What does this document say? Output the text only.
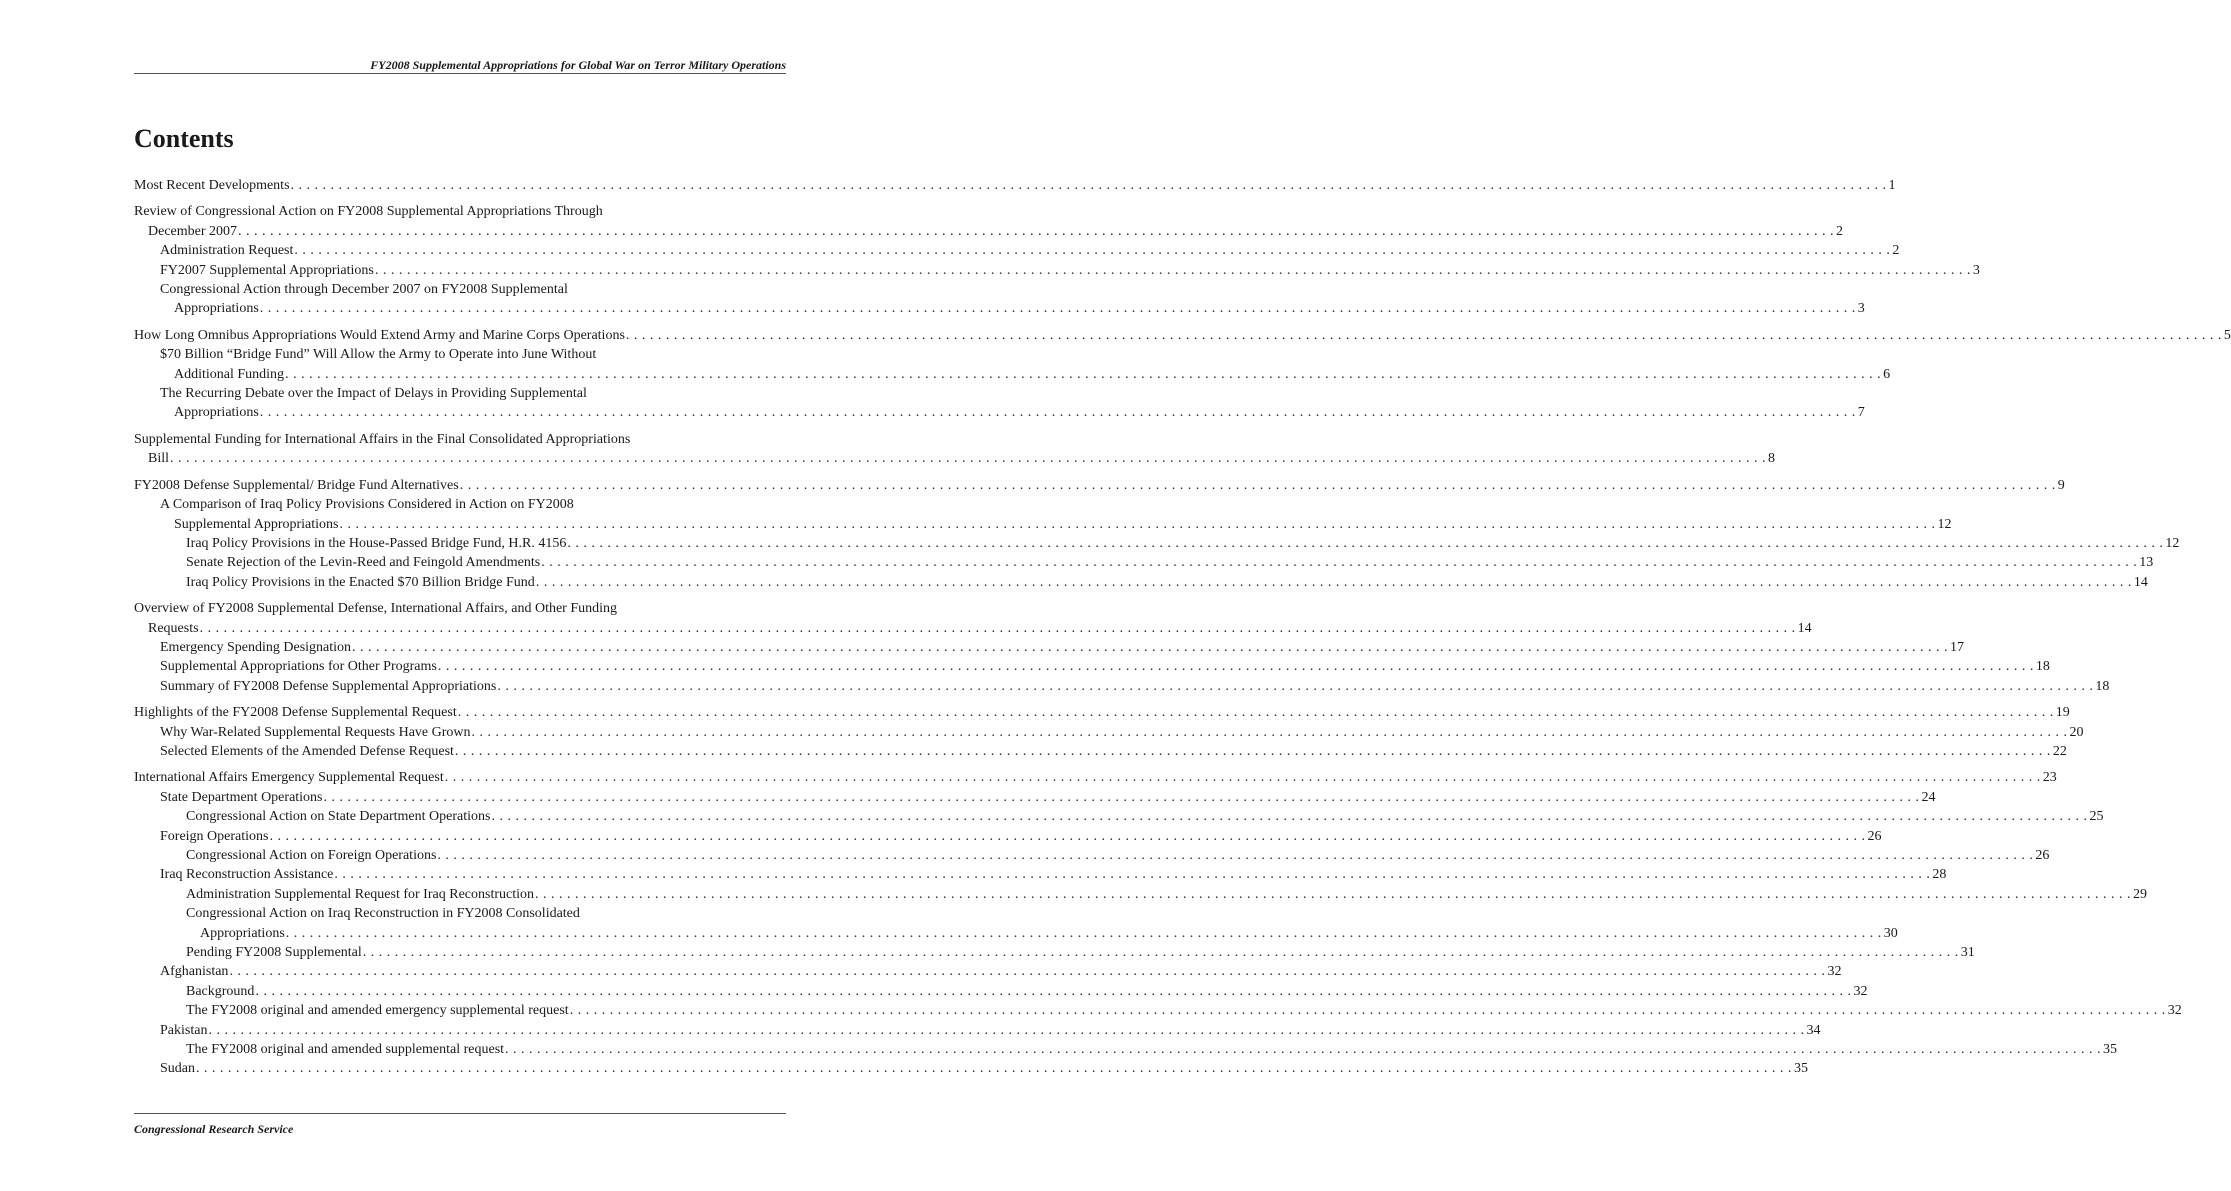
FY2008 Supplemental Appropriations for Global War on Terror Military Operations
Contents
Most Recent Developments . . . . . . . . . . . . . . . . . . . . . . . . . . . . . . . . . . . . . . . . . . . . . . . . . . . . . . . . . . . . . . . . . . . . . . . . . . . . . . . . . . . . . . . . . . . . . . . . . . . . . . . . . . . . . . . . . . . . . . . . . . . . . . . . . . . . . . . . . . . . . . . . . . . . . . . . . . . . . . . . . . . . . . . . . . . . . . . . . . . . . . . . . . . . . . . . . . . . . . . . 1
Review of Congressional Action on FY2008 Supplemental Appropriations Through
December 2007 . . . . . . . . . . . . . . . . . . . . . . . . . . . . . . . . . . . . . . . . . . . . . . . . . . . . . . . . . . . . . . . . . . . . . . . . . . . . . . . . . . . . . . . . . . . . . . . . . . . . . . . . . . . . . . . . . . . . . . . . . . . . . . . . . . . . . . . . . . . . . . . . . . . . . . . . . . . . . . . . . . . . . . . . . . . . . . . . . . . . . . . . . . . . . . . . . . . . . . . . 2
Administration Request . . . . . . . . . . . . . . . . . . . . . . . . . . . . . . . . . . . . . . . . . . . . . . . . . . . . . . . . . . . . . . . . . . . . . . . . . . . . . . . . . . . . . . . . . . . . . . . . . . . . . . . . . . . . . . . . . . . . . . . . . . . . . . . . . . . . . . . . . . . . . . . . . . . . . . . . . . . . . . . . . . . . . . . . . . . . . . . . . . . . . . . . . . . . . . . . . . . . . . . . 2
FY2007 Supplemental Appropriations . . . . . . . . . . . . . . . . . . . . . . . . . . . . . . . . . . . . . . . . . . . . . . . . . . . . . . . . . . . . . . . . . . . . . . . . . . . . . . . . . . . . . . . . . . . . . . . . . . . . . . . . . . . . . . . . . . . . . . . . . . . . . . . . . . . . . . . . . . . . . . . . . . . . . . . . . . . . . . . . . . . . . . . . . . . . . . . . . . . . . . . . . . . . . . . . . . . . . . . . 3
Congressional Action through December 2007 on FY2008 Supplemental
Appropriations . . . . . . . . . . . . . . . . . . . . . . . . . . . . . . . . . . . . . . . . . . . . . . . . . . . . . . . . . . . . . . . . . . . . . . . . . . . . . . . . . . . . . . . . . . . . . . . . . . . . . . . . . . . . . . . . . . . . . . . . . . . . . . . . . . . . . . . . . . . . . . . . . . . . . . . . . . . . . . . . . . . . . . . . . . . . . . . . . . . . . . . . . . . . . . . . . . . . . . . . 3
How Long Omnibus Appropriations Would Extend Army and Marine Corps Operations . . . . . . . . . . . . . . . . . . . . . . . . . . . . . . . . . . . . . . . . . . . . . . . . . . . . . . . . . . . . . . . . . . . . . . . . . . . . . . . . . . . . . . . . . . . . . . . . . . . . . . . . . . . . . . . . . . . . . . . . . . . . . . . . . . . . . . . . . . . . . . . . . . . . . . . . . . . . . . . . . . . . . . . . . . . . . . . . . . . . . . . . . . . . . . . . . . . . . . . . 5
$70 Billion “Bridge Fund” Will Allow the Army to Operate into June Without
Additional Funding . . . . . . . . . . . . . . . . . . . . . . . . . . . . . . . . . . . . . . . . . . . . . . . . . . . . . . . . . . . . . . . . . . . . . . . . . . . . . . . . . . . . . . . . . . . . . . . . . . . . . . . . . . . . . . . . . . . . . . . . . . . . . . . . . . . . . . . . . . . . . . . . . . . . . . . . . . . . . . . . . . . . . . . . . . . . . . . . . . . . . . . . . . . . . . . . . . . . . . . . 6
The Recurring Debate over the Impact of Delays in Providing Supplemental
Appropriations . . . . . . . . . . . . . . . . . . . . . . . . . . . . . . . . . . . . . . . . . . . . . . . . . . . . . . . . . . . . . . . . . . . . . . . . . . . . . . . . . . . . . . . . . . . . . . . . . . . . . . . . . . . . . . . . . . . . . . . . . . . . . . . . . . . . . . . . . . . . . . . . . . . . . . . . . . . . . . . . . . . . . . . . . . . . . . . . . . . . . . . . . . . . . . . . . . . . . . . . 7
Supplemental Funding for International Affairs in the Final Consolidated Appropriations
Bill . . . . . . . . . . . . . . . . . . . . . . . . . . . . . . . . . . . . . . . . . . . . . . . . . . . . . . . . . . . . . . . . . . . . . . . . . . . . . . . . . . . . . . . . . . . . . . . . . . . . . . . . . . . . . . . . . . . . . . . . . . . . . . . . . . . . . . . . . . . . . . . . . . . . . . . . . . . . . . . . . . . . . . . . . . . . . . . . . . . . . . . . . . . . . . . . . . . . . . . . 8
FY2008 Defense Supplemental/ Bridge Fund Alternatives . . . . . . . . . . . . . . . . . . . . . . . . . . . . . . . . . . . . . . . . . . . . . . . . . . . . . . . . . . . . . . . . . . . . . . . . . . . . . . . . . . . . . . . . . . . . . . . . . . . . . . . . . . . . . . . . . . . . . . . . . . . . . . . . . . . . . . . . . . . . . . . . . . . . . . . . . . . . . . . . . . . . . . . . . . . . . . . . . . . . . . . . . . . . . . . . . . . . . . . . 9
A Comparison of Iraq Policy Provisions Considered in Action on FY2008
Supplemental Appropriations . . . . . . . . . . . . . . . . . . . . . . . . . . . . . . . . . . . . . . . . . . . . . . . . . . . . . . . . . . . . . . . . . . . . . . . . . . . . . . . . . . . . . . . . . . . . . . . . . . . . . . . . . . . . . . . . . . . . . . . . . . . . . . . . . . . . . . . . . . . . . . . . . . . . . . . . . . . . . . . . . . . . . . . . . . . . . . . . . . . . . . . . . . . . . . . . . . . . . . . . 12
Iraq Policy Provisions in the House-Passed Bridge Fund, H.R. 4156 . . . . . . . . . . . . . . . . . . . . . . . . . . . . . . . . . . . . . . . . . . . . . . . . . . . . . . . . . . . . . . . . . . . . . . . . . . . . . . . . . . . . . . . . . . . . . . . . . . . . . . . . . . . . . . . . . . . . . . . . . . . . . . . . . . . . . . . . . . . . . . . . . . . . . . . . . . . . . . . . . . . . . . . . . . . . . . . . . . . . . . . . . . . . . . . . . . . . . . . . 12
Senate Rejection of the Levin-Reed and Feingold Amendments . . . . . . . . . . . . . . . . . . . . . . . . . . . . . . . . . . . . . . . . . . . . . . . . . . . . . . . . . . . . . . . . . . . . . . . . . . . . . . . . . . . . . . . . . . . . . . . . . . . . . . . . . . . . . . . . . . . . . . . . . . . . . . . . . . . . . . . . . . . . . . . . . . . . . . . . . . . . . . . . . . . . . . . . . . . . . . . . . . . . . . . . . . . . . . . . . . . . . . . . 13
Iraq Policy Provisions in the Enacted $70 Billion Bridge Fund . . . . . . . . . . . . . . . . . . . . . . . . . . . . . . . . . . . . . . . . . . . . . . . . . . . . . . . . . . . . . . . . . . . . . . . . . . . . . . . . . . . . . . . . . . . . . . . . . . . . . . . . . . . . . . . . . . . . . . . . . . . . . . . . . . . . . . . . . . . . . . . . . . . . . . . . . . . . . . . . . . . . . . . . . . . . . . . . . . . . . . . . . . . . . . . . . . . . . . . . 14
Overview of FY2008 Supplemental Defense, International Affairs, and Other Funding
Requests . . . . . . . . . . . . . . . . . . . . . . . . . . . . . . . . . . . . . . . . . . . . . . . . . . . . . . . . . . . . . . . . . . . . . . . . . . . . . . . . . . . . . . . . . . . . . . . . . . . . . . . . . . . . . . . . . . . . . . . . . . . . . . . . . . . . . . . . . . . . . . . . . . . . . . . . . . . . . . . . . . . . . . . . . . . . . . . . . . . . . . . . . . . . . . . . . . . . . . . . 14
Emergency Spending Designation . . . . . . . . . . . . . . . . . . . . . . . . . . . . . . . . . . . . . . . . . . . . . . . . . . . . . . . . . . . . . . . . . . . . . . . . . . . . . . . . . . . . . . . . . . . . . . . . . . . . . . . . . . . . . . . . . . . . . . . . . . . . . . . . . . . . . . . . . . . . . . . . . . . . . . . . . . . . . . . . . . . . . . . . . . . . . . . . . . . . . . . . . . . . . . . . . . . . . . . . 17
Supplemental Appropriations for Other Programs . . . . . . . . . . . . . . . . . . . . . . . . . . . . . . . . . . . . . . . . . . . . . . . . . . . . . . . . . . . . . . . . . . . . . . . . . . . . . . . . . . . . . . . . . . . . . . . . . . . . . . . . . . . . . . . . . . . . . . . . . . . . . . . . . . . . . . . . . . . . . . . . . . . . . . . . . . . . . . . . . . . . . . . . . . . . . . . . . . . . . . . . . . . . . . . . . . . . . . . . 18
Summary of FY2008 Defense Supplemental Appropriations . . . . . . . . . . . . . . . . . . . . . . . . . . . . . . . . . . . . . . . . . . . . . . . . . . . . . . . . . . . . . . . . . . . . . . . . . . . . . . . . . . . . . . . . . . . . . . . . . . . . . . . . . . . . . . . . . . . . . . . . . . . . . . . . . . . . . . . . . . . . . . . . . . . . . . . . . . . . . . . . . . . . . . . . . . . . . . . . . . . . . . . . . . . . . . . . . . . . . . . . 18
Highlights of the FY2008 Defense Supplemental Request . . . . . . . . . . . . . . . . . . . . . . . . . . . . . . . . . . . . . . . . . . . . . . . . . . . . . . . . . . . . . . . . . . . . . . . . . . . . . . . . . . . . . . . . . . . . . . . . . . . . . . . . . . . . . . . . . . . . . . . . . . . . . . . . . . . . . . . . . . . . . . . . . . . . . . . . . . . . . . . . . . . . . . . . . . . . . . . . . . . . . . . . . . . . . . . . . . . . . . . . 19
Why War-Related Supplemental Requests Have Grown . . . . . . . . . . . . . . . . . . . . . . . . . . . . . . . . . . . . . . . . . . . . . . . . . . . . . . . . . . . . . . . . . . . . . . . . . . . . . . . . . . . . . . . . . . . . . . . . . . . . . . . . . . . . . . . . . . . . . . . . . . . . . . . . . . . . . . . . . . . . . . . . . . . . . . . . . . . . . . . . . . . . . . . . . . . . . . . . . . . . . . . . . . . . . . . . . . . . . . . . 20
Selected Elements of the Amended Defense Request . . . . . . . . . . . . . . . . . . . . . . . . . . . . . . . . . . . . . . . . . . . . . . . . . . . . . . . . . . . . . . . . . . . . . . . . . . . . . . . . . . . . . . . . . . . . . . . . . . . . . . . . . . . . . . . . . . . . . . . . . . . . . . . . . . . . . . . . . . . . . . . . . . . . . . . . . . . . . . . . . . . . . . . . . . . . . . . . . . . . . . . . . . . . . . . . . . . . . . . . 22
International Affairs Emergency Supplemental Request . . . . . . . . . . . . . . . . . . . . . . . . . . . . . . . . . . . . . . . . . . . . . . . . . . . . . . . . . . . . . . . . . . . . . . . . . . . . . . . . . . . . . . . . . . . . . . . . . . . . . . . . . . . . . . . . . . . . . . . . . . . . . . . . . . . . . . . . . . . . . . . . . . . . . . . . . . . . . . . . . . . . . . . . . . . . . . . . . . . . . . . . . . . . . . . . . . . . . . . . 23
State Department Operations . . . . . . . . . . . . . . . . . . . . . . . . . . . . . . . . . . . . . . . . . . . . . . . . . . . . . . . . . . . . . . . . . . . . . . . . . . . . . . . . . . . . . . . . . . . . . . . . . . . . . . . . . . . . . . . . . . . . . . . . . . . . . . . . . . . . . . . . . . . . . . . . . . . . . . . . . . . . . . . . . . . . . . . . . . . . . . . . . . . . . . . . . . . . . . . . . . . . . . . . 24
Congressional Action on State Department Operations . . . . . . . . . . . . . . . . . . . . . . . . . . . . . . . . . . . . . . . . . . . . . . . . . . . . . . . . . . . . . . . . . . . . . . . . . . . . . . . . . . . . . . . . . . . . . . . . . . . . . . . . . . . . . . . . . . . . . . . . . . . . . . . . . . . . . . . . . . . . . . . . . . . . . . . . . . . . . . . . . . . . . . . . . . . . . . . . . . . . . . . . . . . . . . . . . . . . . . . . 25
Foreign Operations . . . . . . . . . . . . . . . . . . . . . . . . . . . . . . . . . . . . . . . . . . . . . . . . . . . . . . . . . . . . . . . . . . . . . . . . . . . . . . . . . . . . . . . . . . . . . . . . . . . . . . . . . . . . . . . . . . . . . . . . . . . . . . . . . . . . . . . . . . . . . . . . . . . . . . . . . . . . . . . . . . . . . . . . . . . . . . . . . . . . . . . . . . . . . . . . . . . . . . . . 26
Congressional Action on Foreign Operations . . . . . . . . . . . . . . . . . . . . . . . . . . . . . . . . . . . . . . . . . . . . . . . . . . . . . . . . . . . . . . . . . . . . . . . . . . . . . . . . . . . . . . . . . . . . . . . . . . . . . . . . . . . . . . . . . . . . . . . . . . . . . . . . . . . . . . . . . . . . . . . . . . . . . . . . . . . . . . . . . . . . . . . . . . . . . . . . . . . . . . . . . . . . . . . . . . . . . . . . 26
Iraq Reconstruction Assistance . . . . . . . . . . . . . . . . . . . . . . . . . . . . . . . . . . . . . . . . . . . . . . . . . . . . . . . . . . . . . . . . . . . . . . . . . . . . . . . . . . . . . . . . . . . . . . . . . . . . . . . . . . . . . . . . . . . . . . . . . . . . . . . . . . . . . . . . . . . . . . . . . . . . . . . . . . . . . . . . . . . . . . . . . . . . . . . . . . . . . . . . . . . . . . . . . . . . . . . . 28
Administration Supplemental Request for Iraq Reconstruction . . . . . . . . . . . . . . . . . . . . . . . . . . . . . . . . . . . . . . . . . . . . . . . . . . . . . . . . . . . . . . . . . . . . . . . . . . . . . . . . . . . . . . . . . . . . . . . . . . . . . . . . . . . . . . . . . . . . . . . . . . . . . . . . . . . . . . . . . . . . . . . . . . . . . . . . . . . . . . . . . . . . . . . . . . . . . . . . . . . . . . . . . . . . . . . . . . . . . . . . 29
Congressional Action on Iraq Reconstruction in FY2008 Consolidated
Appropriations . . . . . . . . . . . . . . . . . . . . . . . . . . . . . . . . . . . . . . . . . . . . . . . . . . . . . . . . . . . . . . . . . . . . . . . . . . . . . . . . . . . . . . . . . . . . . . . . . . . . . . . . . . . . . . . . . . . . . . . . . . . . . . . . . . . . . . . . . . . . . . . . . . . . . . . . . . . . . . . . . . . . . . . . . . . . . . . . . . . . . . . . . . . . . . . . . . . . . . . . 30
Pending FY2008 Supplemental . . . . . . . . . . . . . . . . . . . . . . . . . . . . . . . . . . . . . . . . . . . . . . . . . . . . . . . . . . . . . . . . . . . . . . . . . . . . . . . . . . . . . . . . . . . . . . . . . . . . . . . . . . . . . . . . . . . . . . . . . . . . . . . . . . . . . . . . . . . . . . . . . . . . . . . . . . . . . . . . . . . . . . . . . . . . . . . . . . . . . . . . . . . . . . . . . . . . . . . . 31
Afghanistan . . . . . . . . . . . . . . . . . . . . . . . . . . . . . . . . . . . . . . . . . . . . . . . . . . . . . . . . . . . . . . . . . . . . . . . . . . . . . . . . . . . . . . . . . . . . . . . . . . . . . . . . . . . . . . . . . . . . . . . . . . . . . . . . . . . . . . . . . . . . . . . . . . . . . . . . . . . . . . . . . . . . . . . . . . . . . . . . . . . . . . . . . . . . . . . . . . . . . . . . 32
Background . . . . . . . . . . . . . . . . . . . . . . . . . . . . . . . . . . . . . . . . . . . . . . . . . . . . . . . . . . . . . . . . . . . . . . . . . . . . . . . . . . . . . . . . . . . . . . . . . . . . . . . . . . . . . . . . . . . . . . . . . . . . . . . . . . . . . . . . . . . . . . . . . . . . . . . . . . . . . . . . . . . . . . . . . . . . . . . . . . . . . . . . . . . . . . . . . . . . . . . . 32
The FY2008 original and amended emergency supplemental request . . . . . . . . . . . . . . . . . . . . . . . . . . . . . . . . . . . . . . . . . . . . . . . . . . . . . . . . . . . . . . . . . . . . . . . . . . . . . . . . . . . . . . . . . . . . . . . . . . . . . . . . . . . . . . . . . . . . . . . . . . . . . . . . . . . . . . . . . . . . . . . . . . . . . . . . . . . . . . . . . . . . . . . . . . . . . . . . . . . . . . . . . . . . . . . . . . . . . . . . 32
Pakistan . . . . . . . . . . . . . . . . . . . . . . . . . . . . . . . . . . . . . . . . . . . . . . . . . . . . . . . . . . . . . . . . . . . . . . . . . . . . . . . . . . . . . . . . . . . . . . . . . . . . . . . . . . . . . . . . . . . . . . . . . . . . . . . . . . . . . . . . . . . . . . . . . . . . . . . . . . . . . . . . . . . . . . . . . . . . . . . . . . . . . . . . . . . . . . . . . . . . . . . . 34
The FY2008 original and amended supplemental request . . . . . . . . . . . . . . . . . . . . . . . . . . . . . . . . . . . . . . . . . . . . . . . . . . . . . . . . . . . . . . . . . . . . . . . . . . . . . . . . . . . . . . . . . . . . . . . . . . . . . . . . . . . . . . . . . . . . . . . . . . . . . . . . . . . . . . . . . . . . . . . . . . . . . . . . . . . . . . . . . . . . . . . . . . . . . . . . . . . . . . . . . . . . . . . . . . . . . . . . 35
Sudan . . . . . . . . . . . . . . . . . . . . . . . . . . . . . . . . . . . . . . . . . . . . . . . . . . . . . . . . . . . . . . . . . . . . . . . . . . . . . . . . . . . . . . . . . . . . . . . . . . . . . . . . . . . . . . . . . . . . . . . . . . . . . . . . . . . . . . . . . . . . . . . . . . . . . . . . . . . . . . . . . . . . . . . . . . . . . . . . . . . . . . . . . . . . . . . . . . . . . . . . 35
Congressional Research Service
